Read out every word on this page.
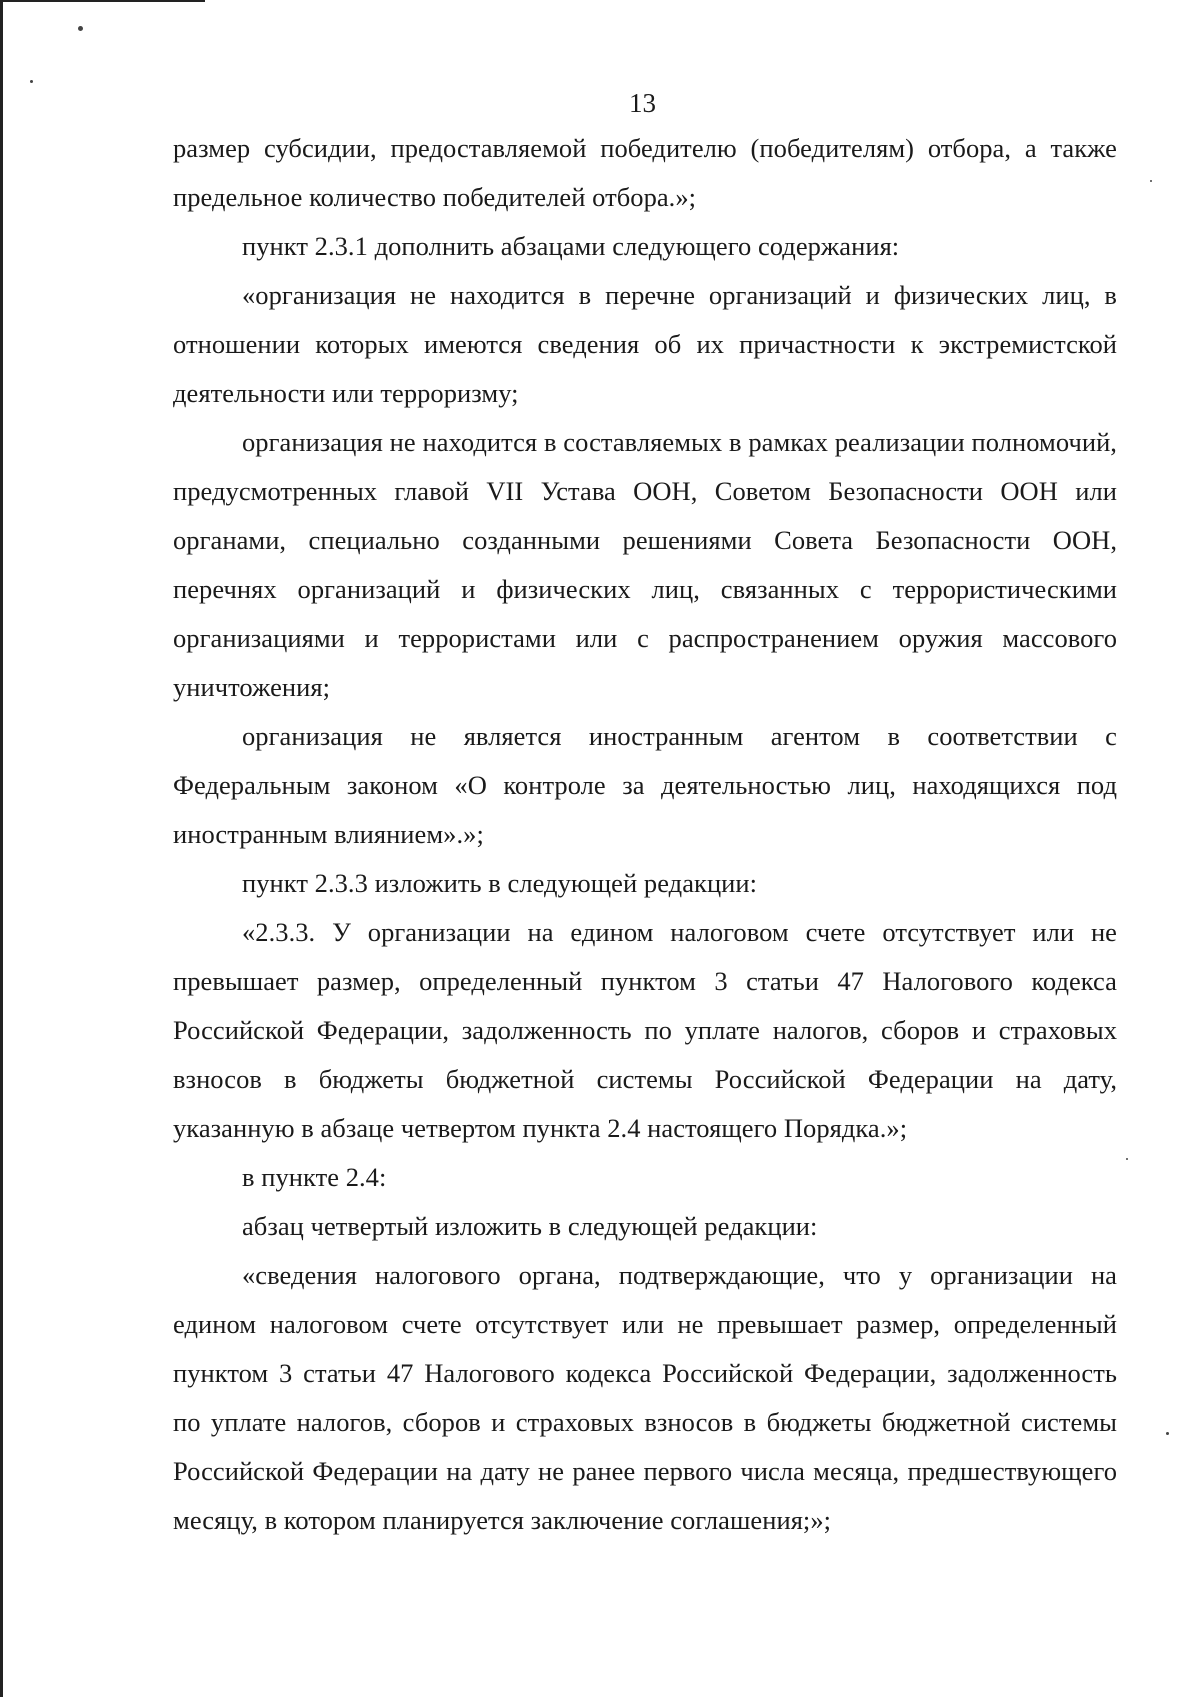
13

размер субсидии, предоставляемой победителю (победителям) отбора, а также предельное количество победителей отбора.»;

пункт 2.3.1 дополнить абзацами следующего содержания:

«организация не находится в перечне организаций и физических лиц, в отношении которых имеются сведения об их причастности к экстремистской деятельности или терроризму;

организация не находится в составляемых в рамках реализации полномочий, предусмотренных главой VII Устава ООН, Советом Безопасности ООН или органами, специально созданными решениями Совета Безопасности ООН, перечнях организаций и физических лиц, связанных с террористическими организациями и террористами или с распространением оружия массового уничтожения;

организация не является иностранным агентом в соответствии с Федеральным законом «О контроле за деятельностью лиц, находящихся под иностранным влиянием».»;

пункт 2.3.3 изложить в следующей редакции:

«2.3.3. У организации на едином налоговом счете отсутствует или не превышает размер, определенный пунктом 3 статьи 47 Налогового кодекса Российской Федерации, задолженность по уплате налогов, сборов и страховых взносов в бюджеты бюджетной системы Российской Федерации на дату, указанную в абзаце четвертом пункта 2.4 настоящего Порядка.»;

в пункте 2.4:

абзац четвертый изложить в следующей редакции:

«сведения налогового органа, подтверждающие, что у организации на едином налоговом счете отсутствует или не превышает размер, определенный пунктом 3 статьи 47 Налогового кодекса Российской Федерации, задолженность по уплате налогов, сборов и страховых взносов в бюджеты бюджетной системы Российской Федерации на дату не ранее первого числа месяца, предшествующего месяцу, в котором планируется заключение соглашения;»;
